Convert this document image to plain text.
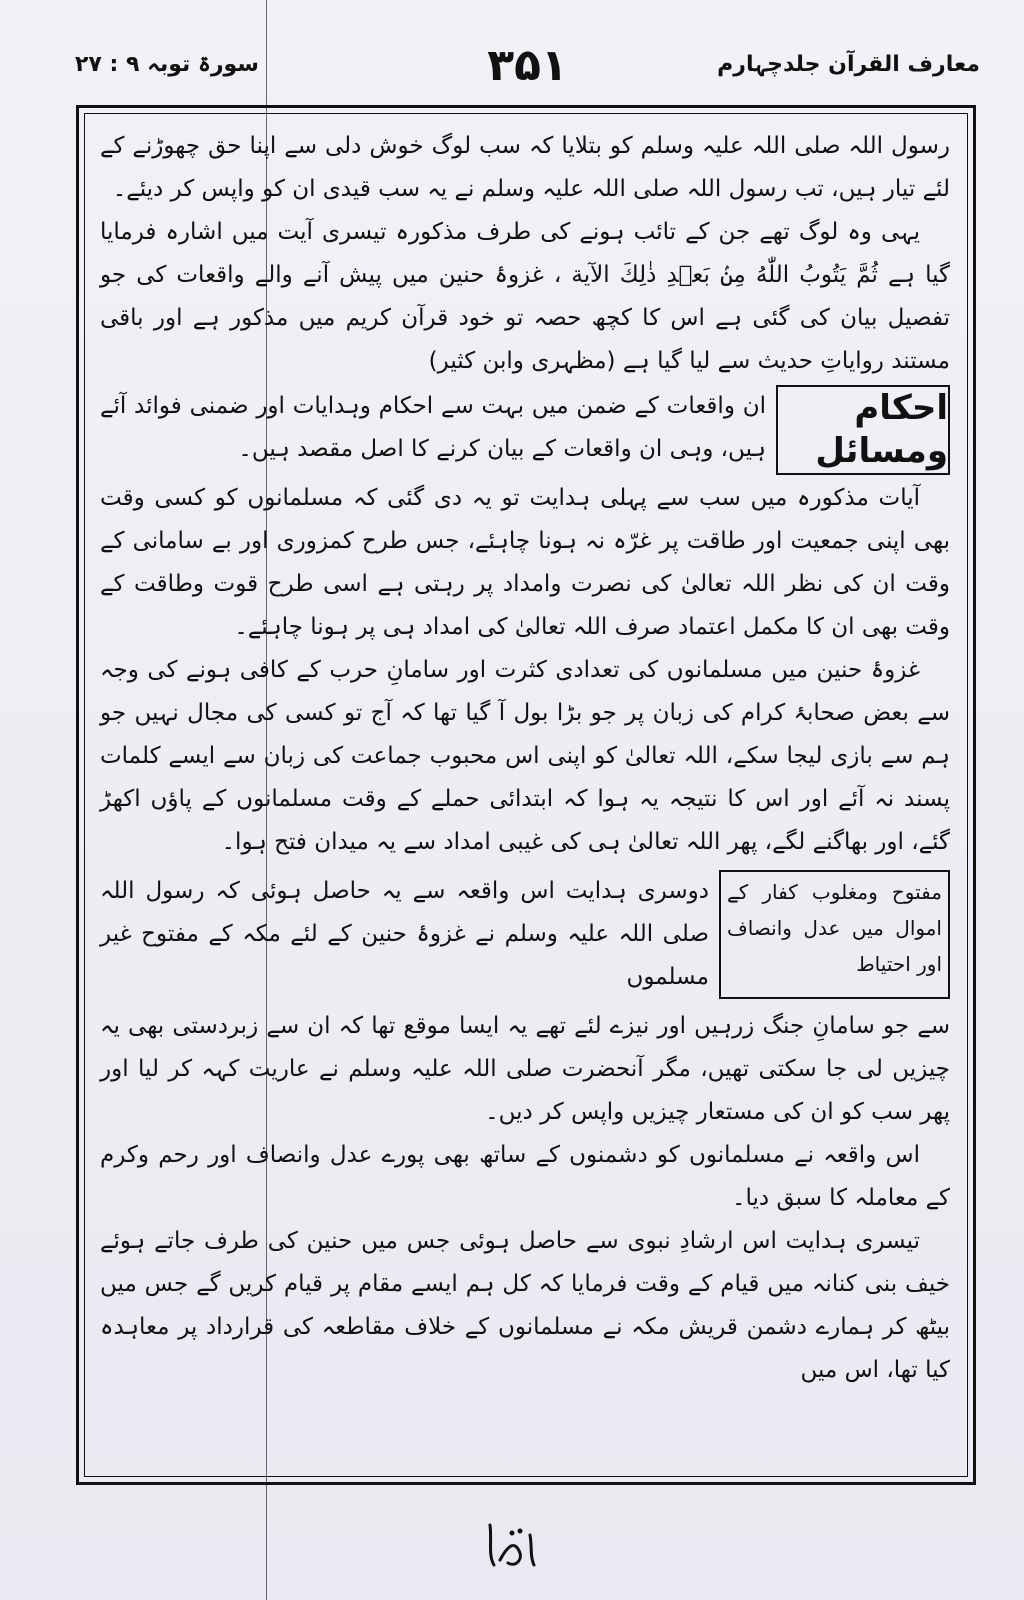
معارف القرآن جلدچہارم
۳۵۱
سورۃ توبہ ۹ : ۲۷

رسول اللہ صلی اللہ علیہ وسلم کو بتلایا کہ سب لوگ خوش دلی سے اپنا حق چھوڑنے کے لئے تیار ہیں، تب رسول اللہ صلی اللہ علیہ وسلم نے یہ سب قیدی ان کو واپس کر دیئے۔

یہی وہ لوگ تھے جن کے تائب ہونے کی طرف مذکورہ تیسری آیت میں اشارہ فرمایا گیا ہے ثُمَّ يَتُوبُ اللّٰهُ مِنۢ بَعۡدِ ذٰلِكَ الآية ، غزوۂ حنین میں پیش آنے والے واقعات کی جو تفصیل بیان کی گئی ہے اس کا کچھ حصہ تو خود قرآن کریم میں مذکور ہے اور باقی مستند روایاتِ حدیث سے لیا گیا ہے (مظہری وابن کثیر)

احکام ومسائل
ان واقعات کے ضمن میں بہت سے احکام وہدایات اور ضمنی فوائد آئے ہیں، وہی ان واقعات کے بیان کرنے کا اصل مقصد ہیں۔

آیات مذکورہ میں سب سے پہلی ہدایت تو یہ دی گئی کہ مسلمانوں کو کسی وقت بھی اپنی جمعیت اور طاقت پر غرّہ نہ ہونا چاہئے، جس طرح کمزوری اور بے سامانی کے وقت ان کی نظر اللہ تعالیٰ کی نصرت وامداد پر رہتی ہے اسی طرح قوت وطاقت کے وقت بھی ان کا مکمل اعتماد صرف اللہ تعالیٰ کی امداد ہی پر ہونا چاہئے۔

غزوۂ حنین میں مسلمانوں کی تعدادی کثرت اور سامانِ حرب کے کافی ہونے کی وجہ سے بعض صحابۂ کرام کی زبان پر جو بڑا بول آ گیا تھا کہ آج تو کسی کی مجال نہیں جو ہم سے بازی لیجا سکے، اللہ تعالیٰ کو اپنی اس محبوب جماعت کی زبان سے ایسے کلمات پسند نہ آئے اور اس کا نتیجہ یہ ہوا کہ ابتدائی حملے کے وقت مسلمانوں کے پاؤں اکھڑ گئے، اور بھاگنے لگے، پھر اللہ تعالیٰ ہی کی غیبی امداد سے یہ میدان فتح ہوا۔

مفتوح ومغلوب کفار کے اموال میں عدل وانصاف اور احتیاط
دوسری ہدایت اس واقعہ سے یہ حاصل ہوئی کہ رسول اللہ صلی اللہ علیہ وسلم نے غزوۂ حنین کے لئے مکہ کے مفتوح غیر مسلموں

سے جو سامانِ جنگ زرہیں اور نیزے لئے تھے یہ ایسا موقع تھا کہ ان سے زبردستی بھی یہ چیزیں لی جا سکتی تھیں، مگر آنحضرت صلی اللہ علیہ وسلم نے عاریت کہہ کر لیا اور پھر سب کو ان کی مستعار چیزیں واپس کر دیں۔

اس واقعہ نے مسلمانوں کو دشمنوں کے ساتھ بھی پورے عدل وانصاف اور رحم وکرم کے معاملہ کا سبق دیا۔

تیسری ہدایت اس ارشادِ نبوی سے حاصل ہوئی جس میں حنین کی طرف جاتے ہوئے خیف بنی کنانہ میں قیام کے وقت فرمایا کہ کل ہم ایسے مقام پر قیام کریں گے جس میں بیٹھ کر ہمارے دشمن قریش مکہ نے مسلمانوں کے خلاف مقاطعہ کی قرارداد پر معاہدہ کیا تھا، اس میں
